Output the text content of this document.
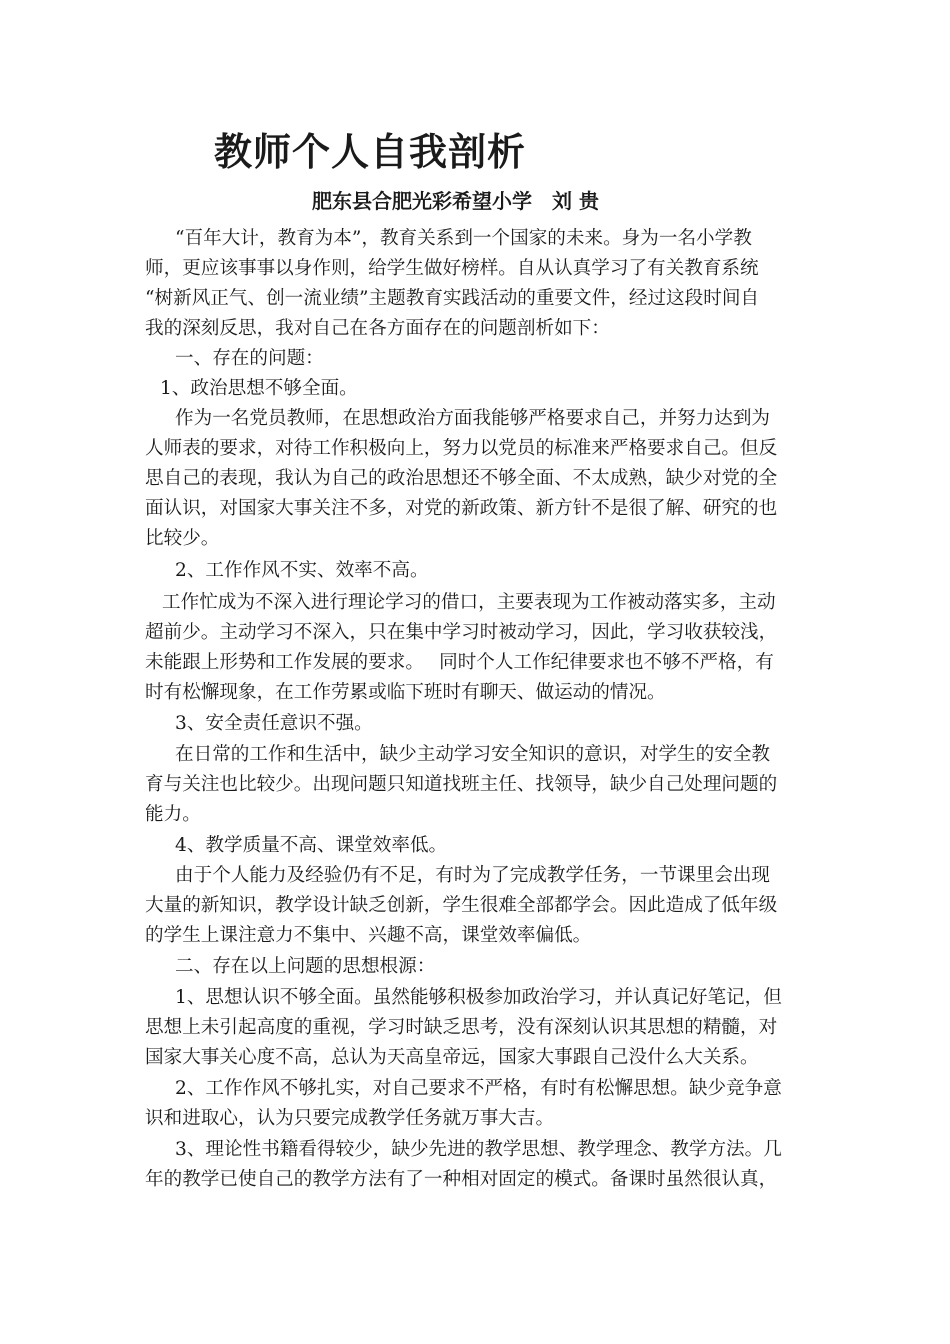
教师个人自我剖析

肥东县合肥光彩希望小学　刘 贵

“百年大计，教育为本”，教育关系到一个国家的未来。身为一名小学教

师，更应该事事以身作则，给学生做好榜样。自从认真学习了有关教育系统

“树新风正气、创一流业绩”主题教育实践活动的重要文件，经过这段时间自

我的深刻反思，我对自己在各方面存在的问题剖析如下：

一、存在的问题：

1、政治思想不够全面。

作为一名党员教师，在思想政治方面我能够严格要求自己，并努力达到为

人师表的要求，对待工作积极向上，努力以党员的标准来严格要求自己。但反

思自己的表现，我认为自己的政治思想还不够全面、不太成熟，缺少对党的全

面认识，对国家大事关注不多，对党的新政策、新方针不是很了解、研究的也

比较少。

2、工作作风不实、效率不高。

工作忙成为不深入进行理论学习的借口，主要表现为工作被动落实多，主动

超前少。主动学习不深入，只在集中学习时被动学习，因此，学习收获较浅，

未能跟上形势和工作发展的要求。　 同时个人工作纪律要求也不够不严格，有

时有松懈现象，在工作劳累或临下班时有聊天、做运动的情况。

3、安全责任意识不强。

在日常的工作和生活中，缺少主动学习安全知识的意识，对学生的安全教

育与关注也比较少。出现问题只知道找班主任、找领导，缺少自己处理问题的

能力。

4、教学质量不高、课堂效率低。

由于个人能力及经验仍有不足，有时为了完成教学任务，一节课里会出现

大量的新知识，教学设计缺乏创新，学生很难全部都学会。因此造成了低年级

的学生上课注意力不集中、兴趣不高，课堂效率偏低。

二、存在以上问题的思想根源：

1、思想认识不够全面。虽然能够积极参加政治学习，并认真记好笔记，但

思想上未引起高度的重视，学习时缺乏思考，没有深刻认识其思想的精髓，对

国家大事关心度不高，总认为天高皇帝远，国家大事跟自己没什么大关系。

2、工作作风不够扎实，对自己要求不严格，有时有松懈思想。缺少竞争意

识和进取心，认为只要完成教学任务就万事大吉。

3、理论性书籍看得较少，缺少先进的教学思想、教学理念、教学方法。几

年的教学已使自己的教学方法有了一种相对固定的模式。备课时虽然很认真，
